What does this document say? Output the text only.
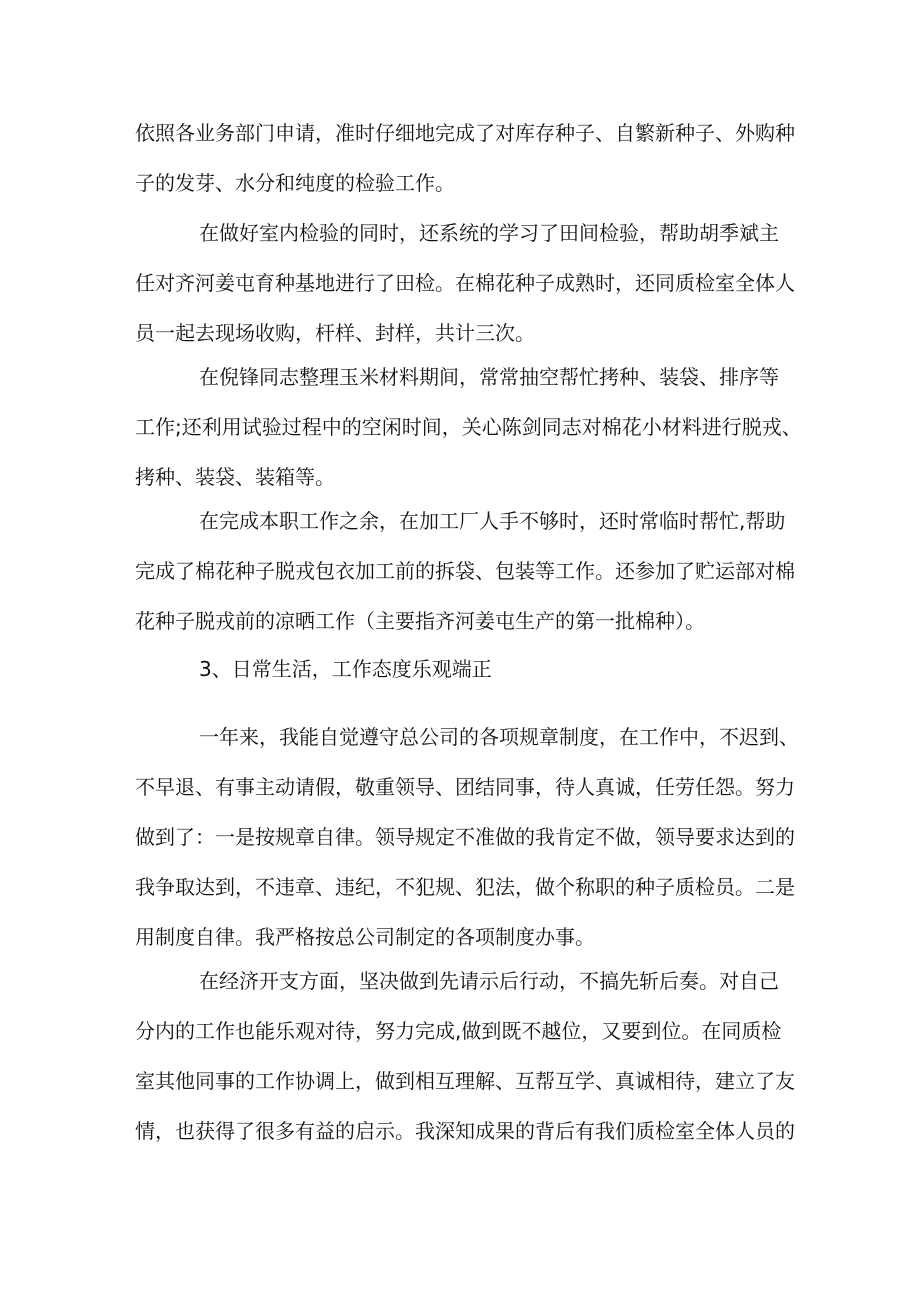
依照各业务部门申请，准时仔细地完成了对库存种子、自繁新种子、外购种
子的发芽、水分和纯度的检验工作。
在做好室内检验的同时，还系统的学习了田间检验，帮助胡季斌主
任对齐河姜屯育种基地进行了田检。在棉花种子成熟时，还同质检室全体人
员一起去现场收购，杆样、封样，共计三次。
在倪锋同志整理玉米材料期间，常常抽空帮忙拷种、装袋、排序等
工作;还利用试验过程中的空闲时间，关心陈剑同志对棉花小材料进行脱戎、
拷种、装袋、装箱等。
在完成本职工作之余，在加工厂人手不够时，还时常临时帮忙,帮助
完成了棉花种子脱戎包衣加工前的拆袋、包装等工作。还参加了贮运部对棉
花种子脱戎前的凉晒工作（主要指齐河姜屯生产的第一批棉种）。
3、日常生活，工作态度乐观端正
一年来，我能自觉遵守总公司的各项规章制度，在工作中，不迟到、
不早退、有事主动请假，敬重领导、团结同事，待人真诚，任劳任怨。努力
做到了：一是按规章自律。领导规定不准做的我肯定不做，领导要求达到的
我争取达到，不违章、违纪，不犯规、犯法，做个称职的种子质检员。二是
用制度自律。我严格按总公司制定的各项制度办事。
在经济开支方面，坚决做到先请示后行动，不搞先斩后奏。对自己
分内的工作也能乐观对待，努力完成,做到既不越位，又要到位。在同质检
室其他同事的工作协调上，做到相互理解、互帮互学、真诚相待，建立了友
情，也获得了很多有益的启示。我深知成果的背后有我们质检室全体人员的
